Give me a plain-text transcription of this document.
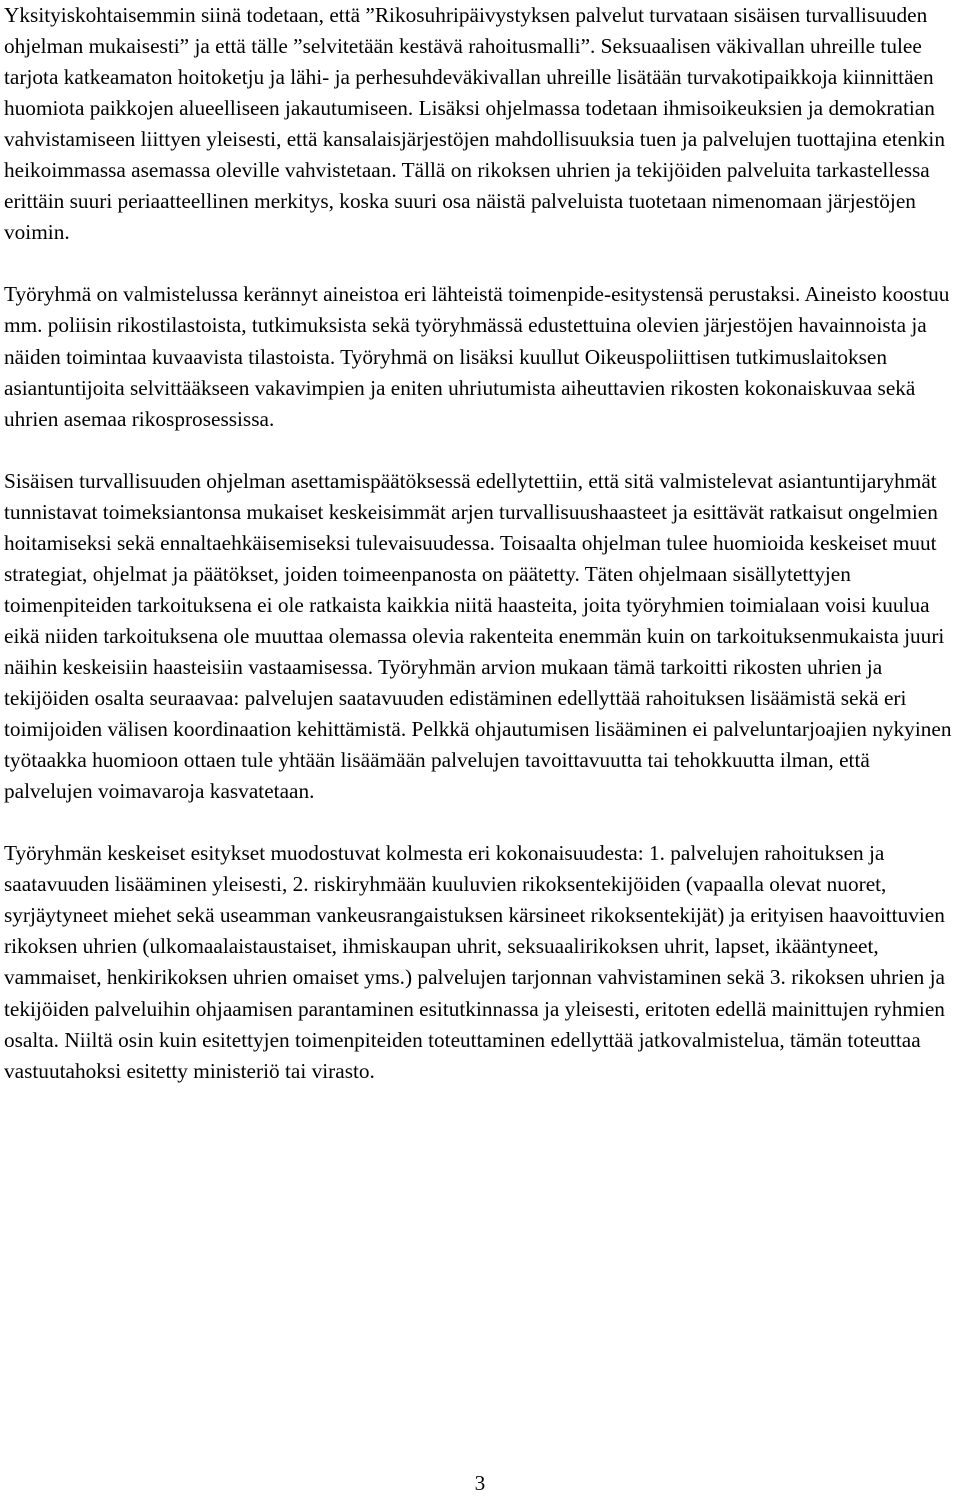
Yksityiskohtaisemmin siinä todetaan, että ”Rikosuhripäivystyksen palvelut turvataan sisäisen turvallisuuden ohjelman mukaisesti” ja että tälle ”selvitetään kestävä rahoitusmalli”. Seksuaalisen väkivallan uhreille tulee tarjota katkeamaton hoitoketju ja lähi- ja perhesuhdeväkivallan uhreille lisätään turvakotipaikkoja kiinnittäen huomiota paikkojen alueelliseen jakautumiseen. Lisäksi ohjelmassa todetaan ihmisoikeuksien ja demokratian vahvistamiseen liittyen yleisesti, että kansalaisjärjestöjen mahdollisuuksia tuen ja palvelujen tuottajina etenkin heikoimmassa asemassa oleville vahvistetaan. Tällä on rikoksen uhrien ja tekijöiden palveluita tarkastellessa erittäin suuri periaatteellinen merkitys, koska suuri osa näistä palveluista tuotetaan nimenomaan järjestöjen voimin.

Työryhmä on valmistelussa kerännyt aineistoa eri lähteistä toimenpide-esitystensä perustaksi. Aineisto koostuu mm. poliisin rikostilastoista, tutkimuksista sekä työryhmässä edustettuina olevien järjestöjen havainnoista ja näiden toimintaa kuvaavista tilastoista. Työryhmä on lisäksi kuullut Oikeuspoliittisen tutkimuslaitoksen asiantuntijoita selvittääkseen vakavimpien ja eniten uhriutumista aiheuttavien rikosten kokonaiskuvaa sekä uhrien asemaa rikosprosessissa.

Sisäisen turvallisuuden ohjelman asettamispäätöksessä edellytettiin, että sitä valmistelevat asiantuntijaryhmät tunnistavat toimeksiantonsa mukaiset keskeisimmät arjen turvallisuushaasteet ja esittävät ratkaisut ongelmien hoitamiseksi sekä ennaltaehkäisemiseksi tulevaisuudessa. Toisaalta ohjelman tulee huomioida keskeiset muut strategiat, ohjelmat ja päätökset, joiden toimeenpanosta on päätetty. Täten ohjelmaan sisällytettyjen toimenpiteiden tarkoituksena ei ole ratkaista kaikkia niitä haasteita, joita työryhmien toimialaan voisi kuulua eikä niiden tarkoituksena ole muuttaa olemassa olevia rakenteita enemmän kuin on tarkoituksenmukaista juuri näihin keskeisiin haasteisiin vastaamisessa. Työryhmän arvion mukaan tämä tarkoitti rikosten uhrien ja tekijöiden osalta seuraavaa: palvelujen saatavuuden edistäminen edellyttää rahoituksen lisäämistä sekä eri toimijoiden välisen koordinaation kehittämistä. Pelkkä ohjautumisen lisääminen ei palveluntarjoajien nykyinen työtaakka huomioon ottaen tule yhtään lisäämään palvelujen tavoittavuutta tai tehokkuutta ilman, että palvelujen voimavaroja kasvatetaan.

Työryhmän keskeiset esitykset muodostuvat kolmesta eri kokonaisuudesta: 1. palvelujen rahoituksen ja saatavuuden lisääminen yleisesti, 2. riskiryhmään kuuluvien rikoksentekijöiden (vapaalla olevat nuoret, syrjäytyneet miehet sekä useamman vankeusrangaistuksen kärsineet rikoksentekijät) ja erityisen haavoittuvien rikoksen uhrien (ulkomaalaistaustaiset, ihmiskaupan uhrit, seksuaalirikoksen uhrit, lapset, ikääntyneet, vammaiset, henkirikoksen uhrien omaiset yms.) palvelujen tarjonnan vahvistaminen sekä 3. rikoksen uhrien ja tekijöiden palveluihin ohjaamisen parantaminen esitutkinnassa ja yleisesti, eritoten edellä mainittujen ryhmien osalta. Niiltä osin kuin esitettyjen toimenpiteiden toteuttaminen edellyttää jatkovalmistelua, tämän toteuttaa vastuutahoksi esitetty ministeriö tai virasto.

3
